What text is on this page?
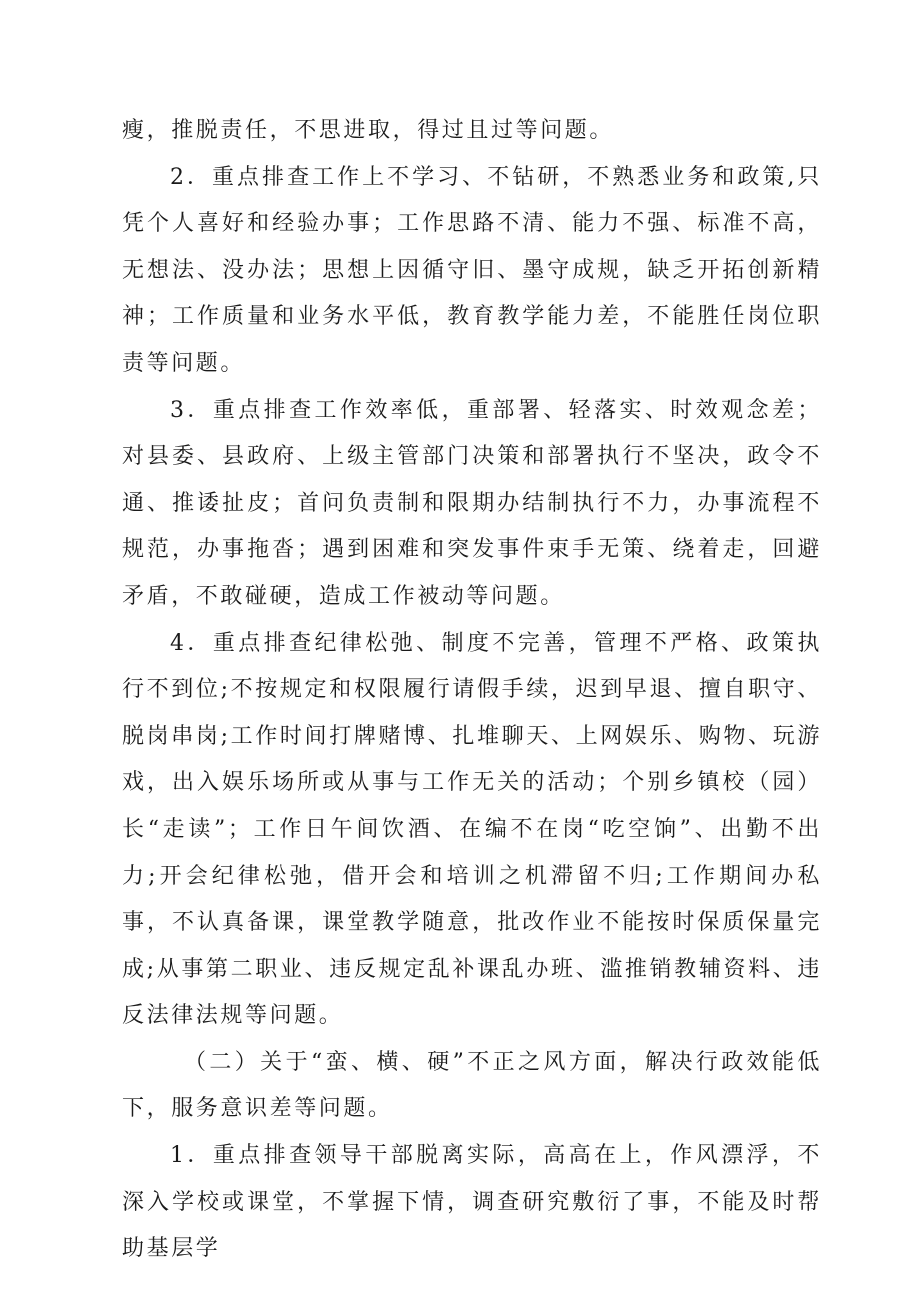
瘦，推脱责任，不思进取，得过且过等问题。

2．重点排查工作上不学习、不钻研，不熟悉业务和政策,只凭个人喜好和经验办事；工作思路不清、能力不强、标准不高，无想法、没办法；思想上因循守旧、墨守成规，缺乏开拓创新精神；工作质量和业务水平低，教育教学能力差，不能胜任岗位职责等问题。

3．重点排查工作效率低，重部署、轻落实、时效观念差；对县委、县政府、上级主管部门决策和部署执行不坚决，政令不通、推诿扯皮；首问负责制和限期办结制执行不力，办事流程不规范，办事拖沓；遇到困难和突发事件束手无策、绕着走，回避矛盾，不敢碰硬，造成工作被动等问题。

4．重点排查纪律松弛、制度不完善，管理不严格、政策执行不到位;不按规定和权限履行请假手续，迟到早退、擅自职守、脱岗串岗;工作时间打牌赌博、扎堆聊天、上网娱乐、购物、玩游戏，出入娱乐场所或从事与工作无关的活动；个别乡镇校（园）长“走读”；工作日午间饮酒、在编不在岗“吃空饷”、出勤不出力;开会纪律松弛，借开会和培训之机滞留不归;工作期间办私事，不认真备课，课堂教学随意，批改作业不能按时保质保量完成;从事第二职业、违反规定乱补课乱办班、滥推销教辅资料、违反法律法规等问题。

（二）关于“蛮、横、硬”不正之风方面，解决行政效能低下，服务意识差等问题。

1．重点排查领导干部脱离实际，高高在上，作风漂浮，不深入学校或课堂，不掌握下情，调查研究敷衍了事，不能及时帮助基层学
